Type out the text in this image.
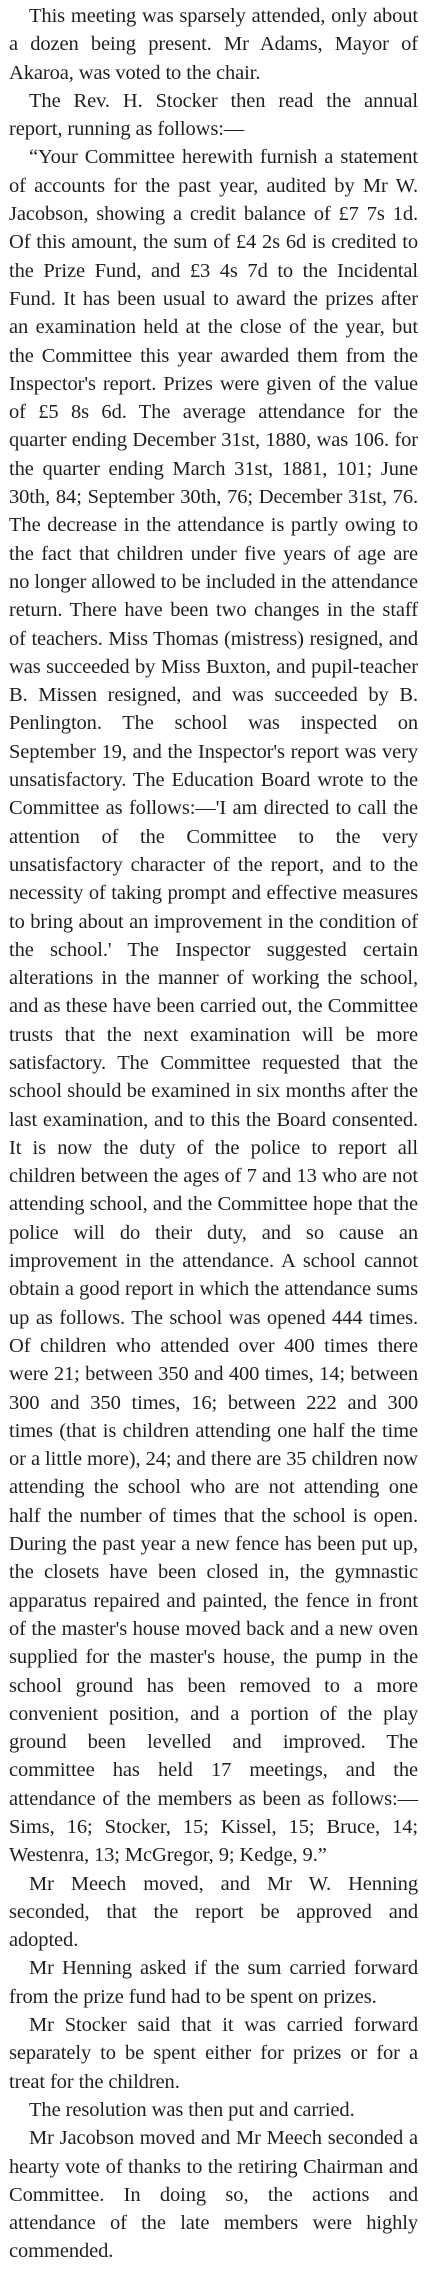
This meeting was sparsely attended, only about a dozen being present. Mr Adams, Mayor of Akaroa, was voted to the chair.

The Rev. H. Stocker then read the annual report, running as follows:—

“Your Committee herewith furnish a statement of accounts for the past year, audited by Mr W. Jacobson, showing a credit balance of £7 7s 1d. Of this amount, the sum of £4 2s 6d is credited to the Prize Fund, and £3 4s 7d to the Incidental Fund. It has been usual to award the prizes after an examination held at the close of the year, but the Committee this year awarded them from the Inspector's report. Prizes were given of the value of £5 8s 6d. The average attendance for the quarter ending December 31st, 1880, was 106. for the quarter ending March 31st, 1881, 101; June 30th, 84; September 30th, 76; December 31st, 76. The decrease in the attendance is partly owing to the fact that children under five years of age are no longer allowed to be included in the attendance return. There have been two changes in the staff of teachers. Miss Thomas (mistress) resigned, and was succeeded by Miss Buxton, and pupil-teacher B. Missen resigned, and was succeeded by B. Penlington. The school was inspected on September 19, and the Inspector's report was very unsatisfactory. The Education Board wrote to the Committee as follows:—'I am directed to call the attention of the Committee to the very unsatisfactory character of the report, and to the necessity of taking prompt and effective measures to bring about an improvement in the condition of the school.' The Inspector suggested certain alterations in the manner of working the school, and as these have been carried out, the Committee trusts that the next examination will be more satisfactory. The Committee requested that the school should be examined in six months after the last examination, and to this the Board consented. It is now the duty of the police to report all children between the ages of 7 and 13 who are not attending school, and the Committee hope that the police will do their duty, and so cause an improvement in the attendance. A school cannot obtain a good report in which the attendance sums up as follows. The school was opened 444 times. Of children who attended over 400 times there were 21; between 350 and 400 times, 14; between 300 and 350 times, 16; between 222 and 300 times (that is children attending one half the time or a little more), 24; and there are 35 children now attending the school who are not attending one half the number of times that the school is open. During the past year a new fence has been put up, the closets have been closed in, the gymnastic apparatus repaired and painted, the fence in front of the master's house moved back and a new oven supplied for the master's house, the pump in the school ground has been removed to a more convenient position, and a portion of the play ground been levelled and improved. The committee has held 17 meetings, and the attendance of the members as been as follows:—Sims, 16; Stocker, 15; Kissel, 15; Bruce, 14; Westenra, 13; McGregor, 9; Kedge, 9.”

Mr Meech moved, and Mr W. Henning seconded, that the report be approved and adopted.

Mr Henning asked if the sum carried forward from the prize fund had to be spent on prizes.

Mr Stocker said that it was carried forward separately to be spent either for prizes or for a treat for the children.

The resolution was then put and carried.

Mr Jacobson moved and Mr Meech seconded a hearty vote of thanks to the retiring Chairman and Committee. In doing so, the actions and attendance of the late members were highly commended.
